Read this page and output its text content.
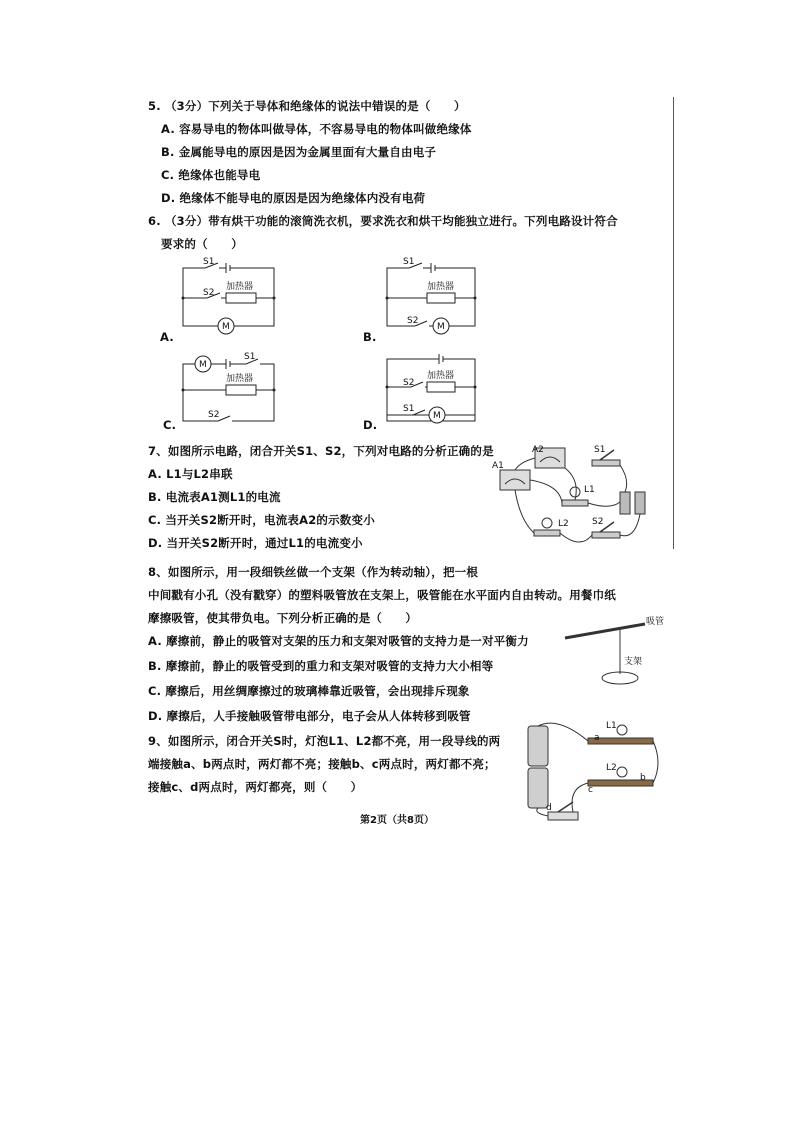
5. （3分）下列关于导体和绝缘体的说法中错误的是（　　）
A. 容易导电的物体叫做导体，不容易导电的物体叫做绝缘体
B. 金属能导电的原因是因为金属里面有大量自由电子
C. 绝缘体也能导电
D. 绝缘体不能导电的原因是因为绝缘体内没有电荷
6. （3分）带有烘干功能的滚筒洗衣机，要求洗衣和烘干均能独立进行。下列电路设计符合
要求的（　　）
S1
加热器
S2
M
A.
S1
加热器
S2
M
B.
M
S1
加热器
S2
C.
加热器
S2
S1
M
D.
7、如图所示电路，闭合开关S1、S2，下列对电路的分析正确的是
A. L1与L2串联
B. 电流表A1测L1的电流
C. 当开关S2断开时，电流表A2的示数变小
D. 当开关S2断开时，通过L1的电流变小
A2
A1
S1
L1
L2	S2
8、如图所示，用一段细铁丝做一个支架（作为转动轴），把一根
中间戳有小孔（没有戳穿）的塑料吸管放在支架上，吸管能在水平面内自由转动。用餐巾纸
摩擦吸管，使其带负电。下列分析正确的是（　　）
A. 摩擦前，静止的吸管对支架的压力和支架对吸管的支持力是一对平衡力
B. 摩擦前，静止的吸管受到的重力和支架对吸管的支持力大小相等
C. 摩擦后，用丝绸摩擦过的玻璃棒靠近吸管，会出现排斥现象
D. 摩擦后，人手接触吸管带电部分，电子会从人体转移到吸管
吸管
支架
9、如图所示，闭合开关S时，灯泡L1、L2都不亮，用一段导线的两
端接触a、b两点时，两灯都不亮；接触b、c两点时，两灯都不亮；
接触c、d两点时，两灯都亮，则（　　）
L1
a
L2
b
c
d
第2页（共8页）
